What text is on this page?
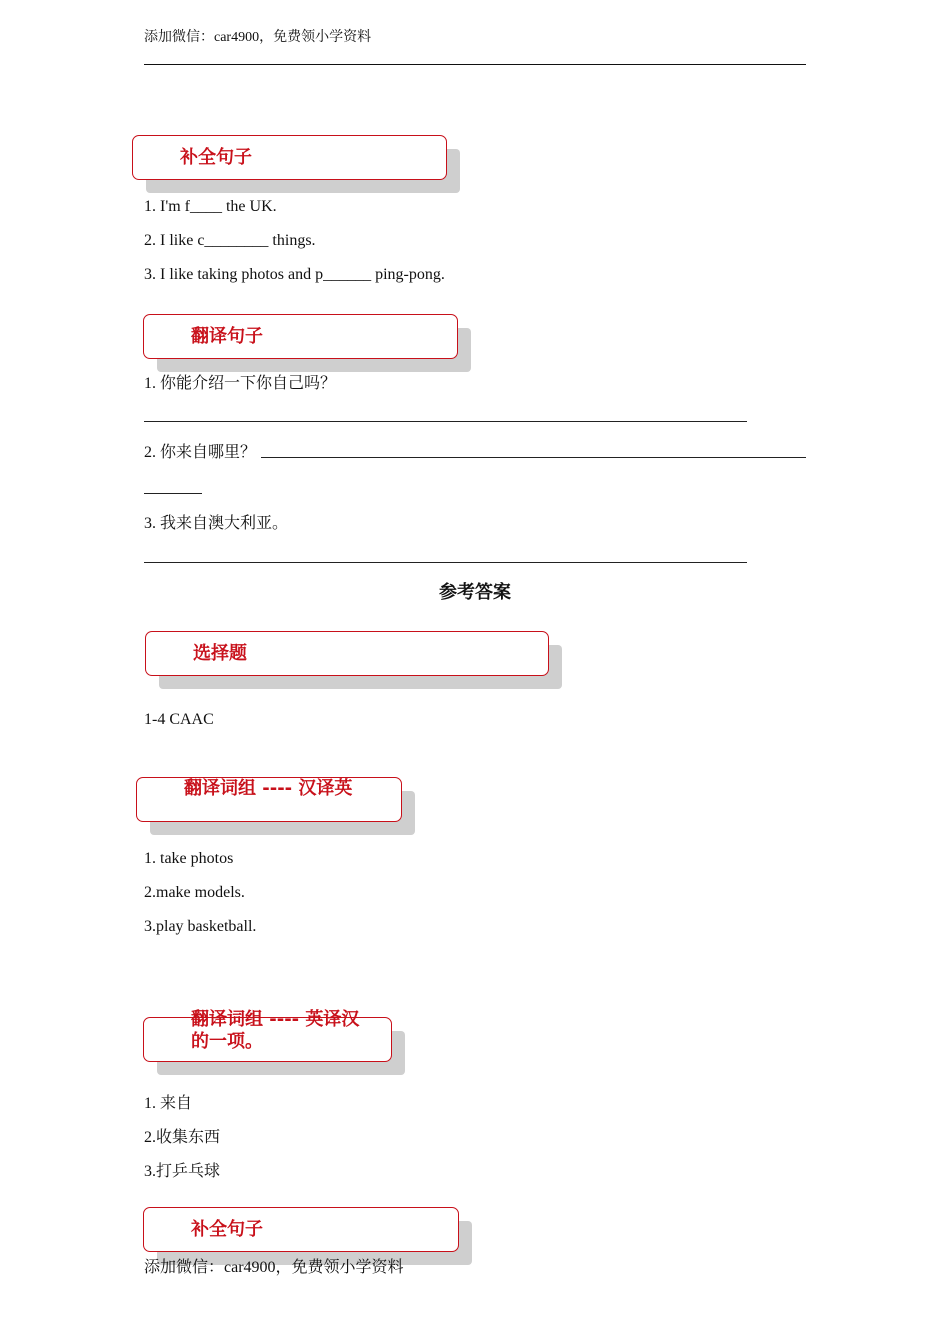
添加微信：car4900，免费领小学资料
补全句子
1. I'm f____ the UK.
2. I like c________ things.
3. I like taking photos and p______ ping-pong.
翻译句子
1. 你能介绍一下你自己吗？
2. 你来自哪里？
3. 我来自澳大利亚。
参考答案
选择题
1-4 CAAC
翻译词组 ---- 汉译英
1. take photos
2.make models.
3.play basketball.
翻译词组 ---- 英译汉
的一项。
1. 来自
2.收集东西
3.打乒乓球
补全句子
添加微信：car4900，免费领小学资料
